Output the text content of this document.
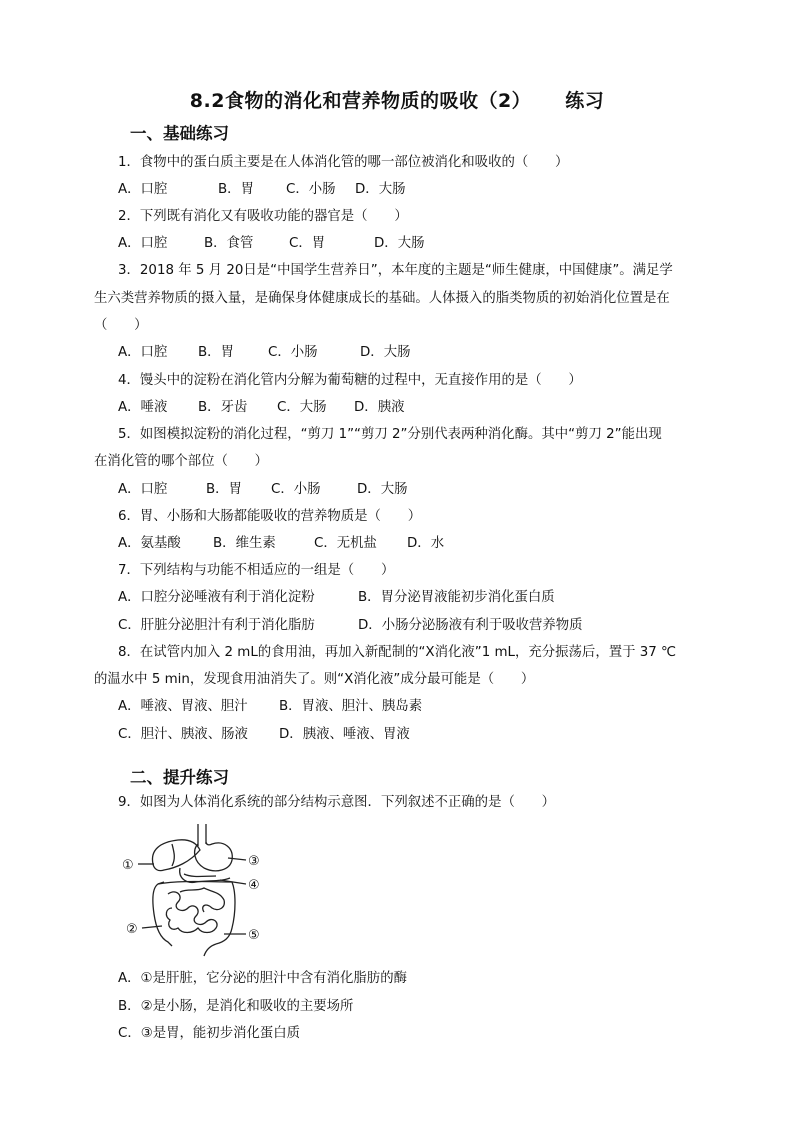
8.2食物的消化和营养物质的吸收（2） 练习
一、基础练习
1．食物中的蛋白质主要是在人体消化管的哪一部位被消化和吸收的（　　）
A．口腔	B．胃 C．小肠 D．大肠
2．下列既有消化又有吸收功能的器官是（　　）
A．口腔	B．食管	C．胃	D．大肠
3．2018 年 5 月 20日是“中国学生营养日”，本年度的主题是“师生健康，中国健康”。满足学
生六类营养物质的摄入量，是确保身体健康成长的基础。人体摄入的脂类物质的初始消化位置是在
（　　）
A．口腔 B．胃	C．小肠	D．大肠
4．馒头中的淀粉在消化管内分解为葡萄糖的过程中，无直接作用的是（　　）
A．唾液 B．牙齿 C．大肠 D．胰液
5．如图模拟淀粉的消化过程，“剪刀 1”“剪刀 2”分别代表两种消化酶。其中“剪刀 2”能出现
在消化管的哪个部位（　　）
A．口腔	B．胃 C．小肠	D．大肠
6．胃、小肠和大肠都能吸收的营养物质是（　　）
A．氨基酸 B．维生素	C．无机盐 D．水
7．下列结构与功能不相适应的一组是（　　）
A．口腔分泌唾液有利于消化淀粉	B．胃分泌胃液能初步消化蛋白质
C．肝脏分泌胆汁有利于消化脂肪	D．小肠分泌肠液有利于吸收营养物质
8．在试管内加入 2 mL的食用油，再加入新配制的“X消化液”1 mL，充分振荡后，置于 37 ℃
的温水中 5 min，发现食用油消失了。则“X消化液”成分最可能是（　　）
A．唾液、胃液、胆汁 B．胃液、胆汁、胰岛素
C．胆汁、胰液、肠液 D．胰液、唾液、胃液
二、提升练习
9．如图为人体消化系统的部分结构示意图．下列叙述不正确的是（　　）
①
②
③
④
⑤
A．①是肝脏，它分泌的胆汁中含有消化脂肪的酶
B．②是小肠，是消化和吸收的主要场所
C．③是胃，能初步消化蛋白质
